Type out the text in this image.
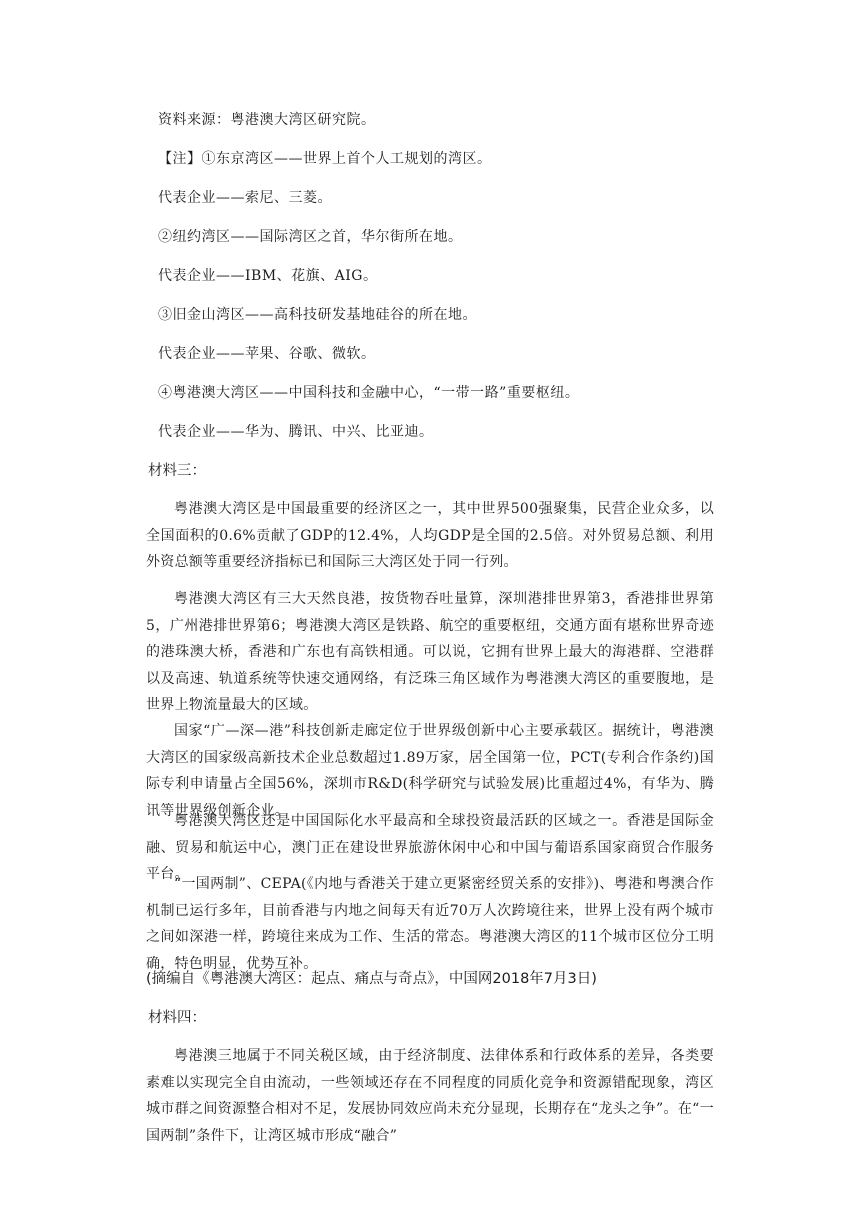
资料来源：粤港澳大湾区研究院。
【注】①东京湾区——世界上首个人工规划的湾区。
代表企业——索尼、三菱。
②纽约湾区——国际湾区之首，华尔街所在地。
代表企业——IBM、花旗、AIG。
③旧金山湾区——高科技研发基地硅谷的所在地。
代表企业——苹果、谷歌、微软。
④粤港澳大湾区——中国科技和金融中心，“一带一路”重要枢纽。
代表企业——华为、腾讯、中兴、比亚迪。
材料三：
粤港澳大湾区是中国最重要的经济区之一，其中世界500强聚集，民营企业众多，以全国面积的0.6%贡献了GDP的12.4%，人均GDP是全国的2.5倍。对外贸易总额、利用外资总额等重要经济指标已和国际三大湾区处于同一行列。
粤港澳大湾区有三大天然良港，按货物吞吐量算，深圳港排世界第3，香港排世界第5，广州港排世界第6；粤港澳大湾区是铁路、航空的重要枢纽，交通方面有堪称世界奇迹的港珠澳大桥，香港和广东也有高铁相通。可以说，它拥有世界上最大的海港群、空港群以及高速、轨道系统等快速交通网络，有泛珠三角区域作为粤港澳大湾区的重要腹地，是世界上物流量最大的区域。
国家“广—深—港”科技创新走廊定位于世界级创新中心主要承载区。据统计，粤港澳大湾区的国家级高新技术企业总数超过1.89万家，居全国第一位，PCT(专利合作条约)国际专利申请量占全国56%，深圳市R&D(科学研究与试验发展)比重超过4%，有华为、腾讯等世界级创新企业。
粤港澳大湾区还是中国国际化水平最高和全球投资最活跃的区域之一。香港是国际金融、贸易和航运中心，澳门正在建设世界旅游休闲中心和中国与葡语系国家商贸合作服务平台。
“一国两制”、CEPA(《内地与香港关于建立更紧密经贸关系的安排》)、粤港和粤澳合作机制已运行多年，目前香港与内地之间每天有近70万人次跨境往来，世界上没有两个城市之间如深港一样，跨境往来成为工作、生活的常态。粤港澳大湾区的11个城市区位分工明确，特色明显，优势互补。
(摘编自《粤港澳大湾区：起点、痛点与奇点》，中国网2018年7月3日)
材料四：
粤港澳三地属于不同关税区域，由于经济制度、法律体系和行政体系的差异，各类要素难以实现完全自由流动，一些领域还存在不同程度的同质化竞争和资源错配现象，湾区城市群之间资源整合相对不足，发展协同效应尚未充分显现，长期存在“龙头之争”。在“一国两制”条件下，让湾区城市形成“融合”
